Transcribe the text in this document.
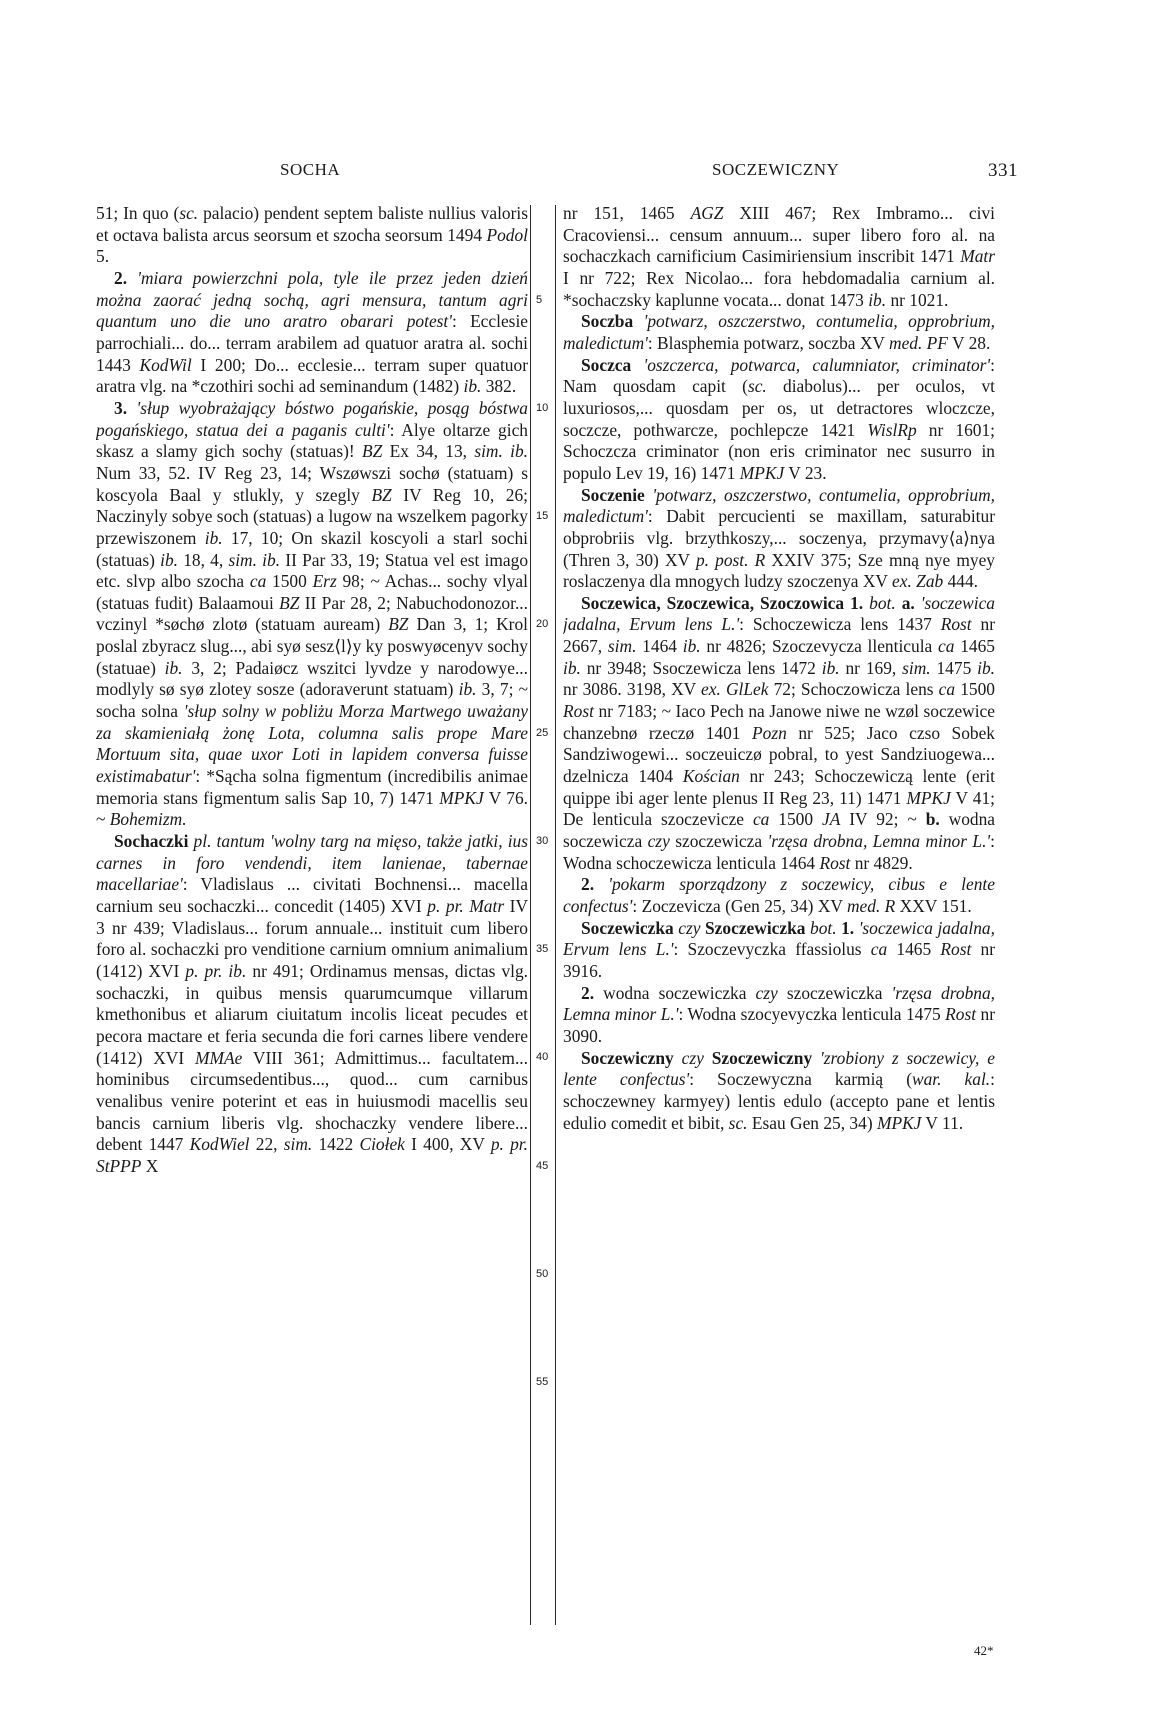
SOCHA	SOCZEWICZNY	331

51; In quo (sc. palacio) pendent septem baliste nullius valoris et octava balista arcus seorsum et szocha seorsum 1494 Podol 5.

2. 'miara powierzchni pola, tyle ile przez jeden dzień można zaorać jedną sochą, agri mensura, tantum agri quantum uno die uno aratro obarari potest': Ecclesie parrochiali... do... terram arabilem ad quatuor aratra al. sochi 1443 KodWil I 200; Do... ecclesie... terram super quatuor aratra vlg. na *czothiri sochi ad seminandum (1482) ib. 382.

3. 'słup wyobrażający bóstwo pogańskie, posąg bóstwa pogańskiego, statua dei a paganis culti': Alye oltarze gich skasz a slamy gich sochy (statuas)! BZ Ex 34, 13, sim. ib. Num 33, 52. IV Reg 23, 14; Wszøwszi sochø (statuam) s koscyola Baal y stlukly, y szegly BZ IV Reg 10, 26; Naczinyly sobye soch (statuas) a lugow na wszelkem pagorky przewiszonem ib. 17, 10; On skazil koscyoli a starl sochi (statuas) ib. 18, 4, sim. ib. II Par 33, 19; Statua vel est imago etc. slvp albo szocha ca 1500 Erz 98; ~ Achas... sochy vlyal (statuas fudit) Balaamoui BZ II Par 28, 2; Nabuchodonozor... vczinyl *søchø zlotø (statuam auream) BZ Dan 3, 1; Krol poslal zbyracz slug..., abi syø sesz⟨l⟩y ky poswyøcenyv sochy (statuae) ib. 3, 2; Padaiøcz wszitci lyvdze y narodowye... modlyly sø syø zlotey sosze (adoraverunt statuam) ib. 3, 7; ~ socha solna 'słup solny w pobliżu Morza Martwego uważany za skamieniałą żonę Lota, columna salis prope Mare Mortuum sita, quae uxor Loti in lapidem conversa fuisse existimabatur': *Sącha solna figmentum (incredibilis animae memoria stans figmentum salis Sap 10, 7) 1471 MPKJ V 76. ~ Bohemizm.

Sochaczki pl. tantum 'wolny targ na mięso, także jatki, ius carnes in foro vendendi, item lanienae, tabernae macellariae': Vladislaus ... civitati Bochnensi... macella carnium seu sochaczki... concedit (1405) XVI p. pr. Matr IV 3 nr 439; Vladislaus... forum annuale... instituit cum libero foro al. sochaczki pro venditione carnium omnium animalium (1412) XVI p. pr. ib. nr 491; Ordinamus mensas, dictas vlg. sochaczki, in quibus mensis quarumcumque villarum kmethonibus et aliarum ciuitatum incolis liceat pecudes et pecora mactare et feria secunda die fori carnes libere vendere (1412) XVI MMAe VIII 361; Admittimus... facultatem... hominibus circumsedentibus..., quod... cum carnibus venalibus venire poterint et eas in huiusmodi macellis seu bancis carnium liberis vlg. shochaczky vendere libere... debent 1447 KodWiel 22, sim. 1422 Ciołek I 400, XV p. pr. StPPP X

5
10
15
20
25
30
35
40
45
50
55

nr 151, 1465 AGZ XIII 467; Rex Imbramo... civi Cracoviensi... censum annuum... super libero foro al. na sochaczkach carnificium Casimiriensium inscribit 1471 Matr I nr 722; Rex Nicolao... fora hebdomadalia carnium al. *sochaczsky kaplunne vocata... donat 1473 ib. nr 1021.

Soczba 'potwarz, oszczerstwo, contumelia, opprobrium, maledictum': Blasphemia potwarz, soczba XV med. PF V 28.

Soczca 'oszczerca, potwarca, calumniator, criminator': Nam quosdam capit (sc. diabolus)... per oculos, vt luxuriosos,... quosdam per os, ut detractores wloczcze, soczcze, pothwarcze, pochlepcze 1421 WislRp nr 1601; Schoczcza criminator (non eris criminator nec susurro in populo Lev 19, 16) 1471 MPKJ V 23.

Soczenie 'potwarz, oszczerstwo, contumelia, opprobrium, maledictum': Dabit percucienti se maxillam, saturabitur obprobriis vlg. brzythkoszy,... soczenya, przymavy⟨a⟩nya (Thren 3, 30) XV p. post. R XXIV 375; Sze mną nye myey roslaczenya dla mnogych ludzy szoczenya XV ex. Zab 444.

Soczewica, Szoczewica, Szoczowica 1. bot. a. 'soczewica jadalna, Ervum lens L.': Schoczewicza lens 1437 Rost nr 2667, sim. 1464 ib. nr 4826; Szoczevycza llenticula ca 1465 ib. nr 3948; Ssoczewicza lens 1472 ib. nr 169, sim. 1475 ib. nr 3086. 3198, XV ex. GlLek 72; Schoczowicza lens ca 1500 Rost nr 7183; ~ Iaco Pech na Janowe niwe ne wzøl soczewice chanzebnø rzeczø 1401 Pozn nr 525; Jaco czso Sobek Sandziwogewi... soczeuiczø pobral, to yest Sandziuogewa... dzelnicza 1404 Kościan nr 243; Schoczewiczą lente (erit quippe ibi ager lente plenus II Reg 23, 11) 1471 MPKJ V 41; De lenticula szoczevicze ca 1500 JA IV 92; ~ b. wodna soczewicza czy szoczewicza 'rzęsa drobna, Lemna minor L.': Wodna schoczewicza lenticula 1464 Rost nr 4829.

2. 'pokarm sporządzony z soczewicy, cibus e lente confectus': Zoczevicza (Gen 25, 34) XV med. R XXV 151.

Soczewiczka czy Szoczewiczka bot. 1. 'soczewica jadalna, Ervum lens L.': Szoczevyczka ffassiolus ca 1465 Rost nr 3916.

2. wodna soczewiczka czy szoczewiczka 'rzęsa drobna, Lemna minor L.': Wodna szocyevyczka lenticula 1475 Rost nr 3090.

Soczewiczny czy Szoczewiczny 'zrobiony z soczewicy, e lente confectus': Soczewyczna karmią (war. kal.: schoczewney karmyey) lentis edulo (accepto pane et lentis edulio comedit et bibit, sc. Esau Gen 25, 34) MPKJ V 11.

42*
